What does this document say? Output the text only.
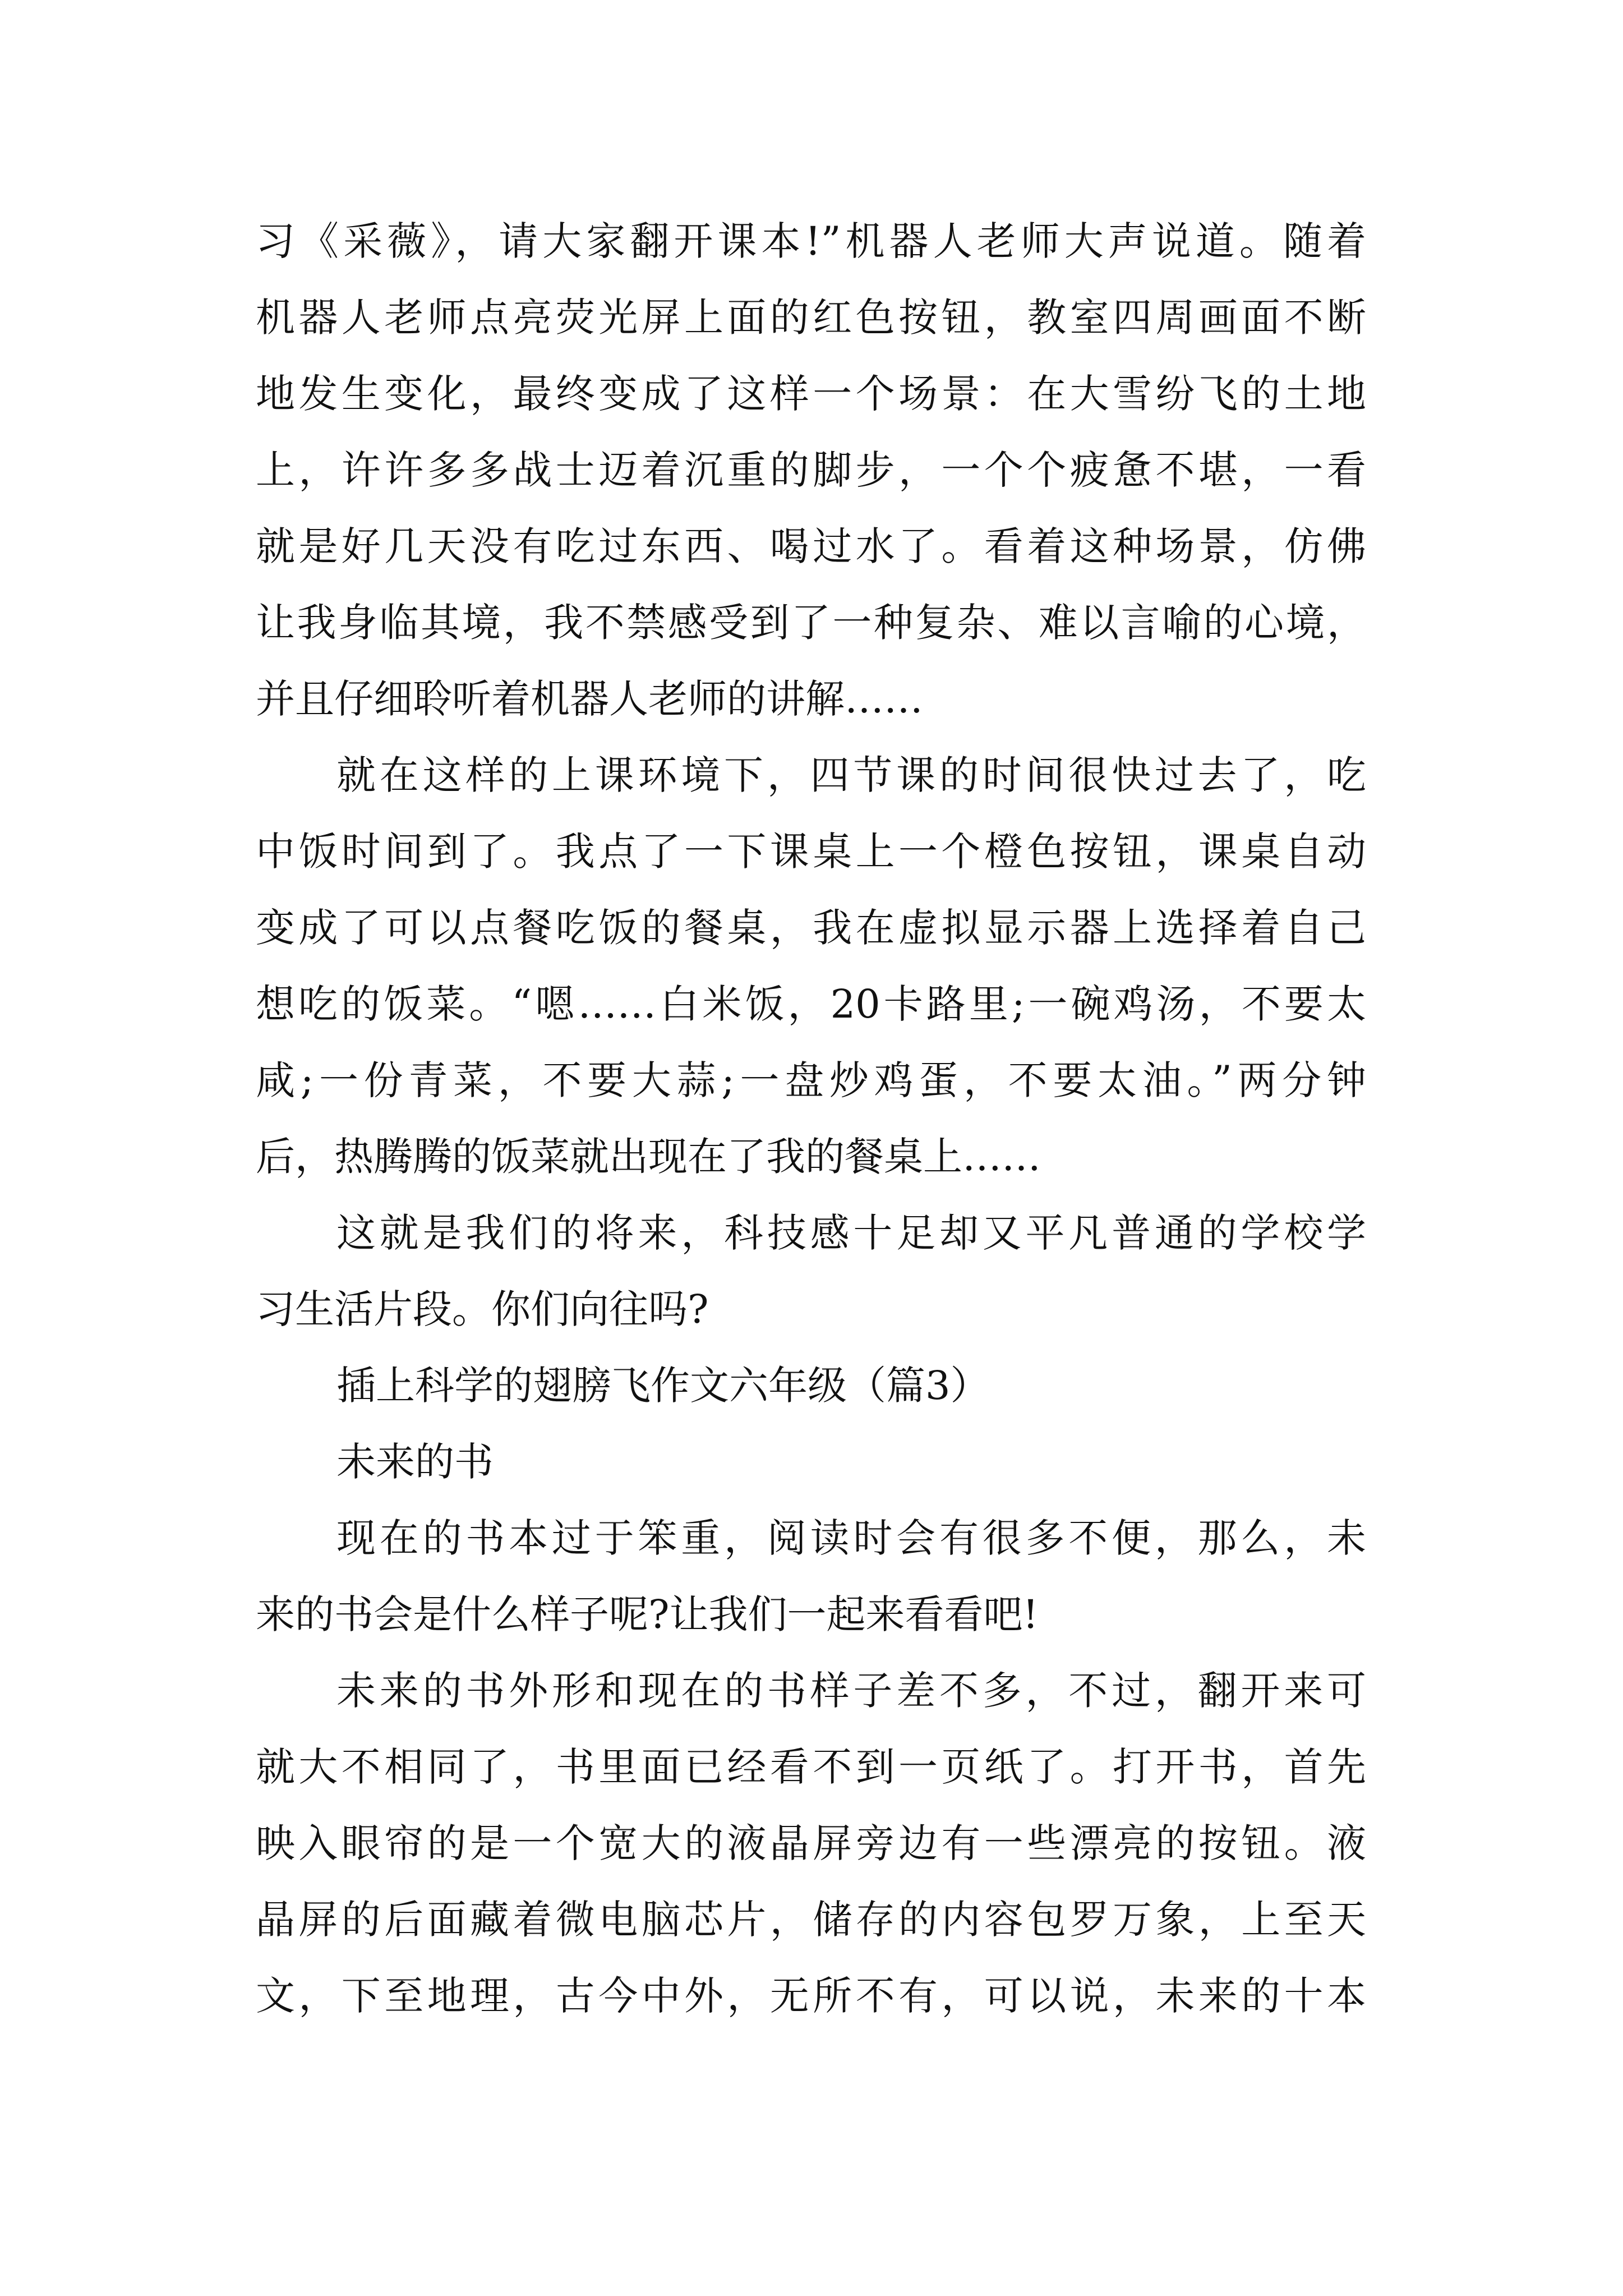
习《采薇》，请大家翻开课本!”机器人老师大声说道。随着

机器人老师点亮荧光屏上面的红色按钮，教室四周画面不断

地发生变化，最终变成了这样一个场景：在大雪纷飞的土地

上，许许多多战士迈着沉重的脚步，一个个疲惫不堪，一看

就是好几天没有吃过东西、喝过水了。看着这种场景，仿佛

让我身临其境，我不禁感受到了一种复杂、难以言喻的心境，

并且仔细聆听着机器人老师的讲解……

就在这样的上课环境下，四节课的时间很快过去了，吃

中饭时间到了。我点了一下课桌上一个橙色按钮，课桌自动

变成了可以点餐吃饭的餐桌，我在虚拟显示器上选择着自己

想吃的饭菜。“嗯……白米饭，20卡路里;一碗鸡汤，不要太

咸;一份青菜，不要大蒜;一盘炒鸡蛋，不要太油。”两分钟

后，热腾腾的饭菜就出现在了我的餐桌上……

这就是我们的将来，科技感十足却又平凡普通的学校学

习生活片段。你们向往吗?

插上科学的翅膀飞作文六年级（篇3）

未来的书

现在的书本过于笨重，阅读时会有很多不便，那么，未

来的书会是什么样子呢?让我们一起来看看吧!

未来的书外形和现在的书样子差不多，不过，翻开来可

就大不相同了，书里面已经看不到一页纸了。打开书，首先

映入眼帘的是一个宽大的液晶屏旁边有一些漂亮的按钮。液

晶屏的后面藏着微电脑芯片，储存的内容包罗万象，上至天

文，下至地理，古今中外，无所不有，可以说，未来的十本
